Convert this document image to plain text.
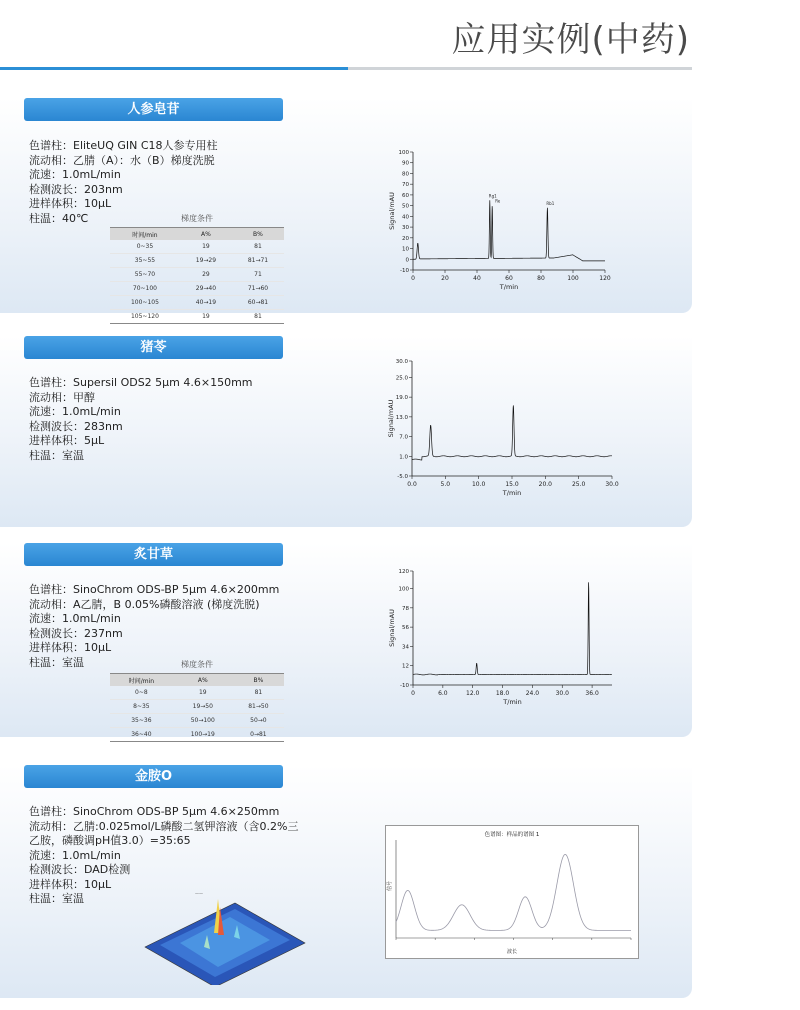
应用实例(中药)
人参皂苷
色谱柱：EliteUQ GIN C18人参专用柱
流动相：乙腈（A）：水（B）梯度洗脱
流速：1.0mL/min
检测波长：203nm
进样体积：10μL
柱温：40℃	梯度条件
时间/min	A%	B%
0~35	19	81
35~55	19→29	81→71
55~70	29	71
70~100	29→40	71→60
100~105	40→19	60→81
105~120	19	81
-10
0
10
20
30
40
50
60
70
80
90
100
0	20	40	60	80	100	120
T/min
Signal/mAU	Rg1
Re	Rb1
猪苓
色谱柱：Supersil ODS2 5μm 4.6×150mm
流动相：甲醇
流速：1.0mL/min
检测波长：283nm
进样体积：5μL
柱温：室温
-5.0
1.0
7.0
13.0
19.0
25.0
30.0
0.0	5.0	10.0	15.0	20.0	25.0	30.0
T/min
Signal/mAU
炙甘草
色谱柱：SinoChrom ODS-BP 5μm 4.6×200mm
流动相：A乙腈，B 0.05%磷酸溶液 (梯度洗脱)
流速：1.0mL/min
检测波长：237nm
进样体积：10μL
柱温：室温	梯度条件
时间/min	A%	B%
0~8	19	81
8~35	19→50	81→50
35~36	50→100	50→0
36~40	100→19	0→81
-10
12
34
56
78
100
120
0	6.0	12.0	18.0	24.0	30.0	36.0
T/min
Signal/mAU
金胺O
色谱柱：SinoChrom ODS-BP 5μm 4.6×250mm
流动相：乙腈:0.025mol/L磷酸二氢钾溶液（含0.2%三
乙胺，磷酸调pH值3.0）=35:65
流速：1.0mL/min
检测波长：DAD检测
进样体积：10μL
柱温：室温	——
色谱图：样品的谱图 1
波长
信号
